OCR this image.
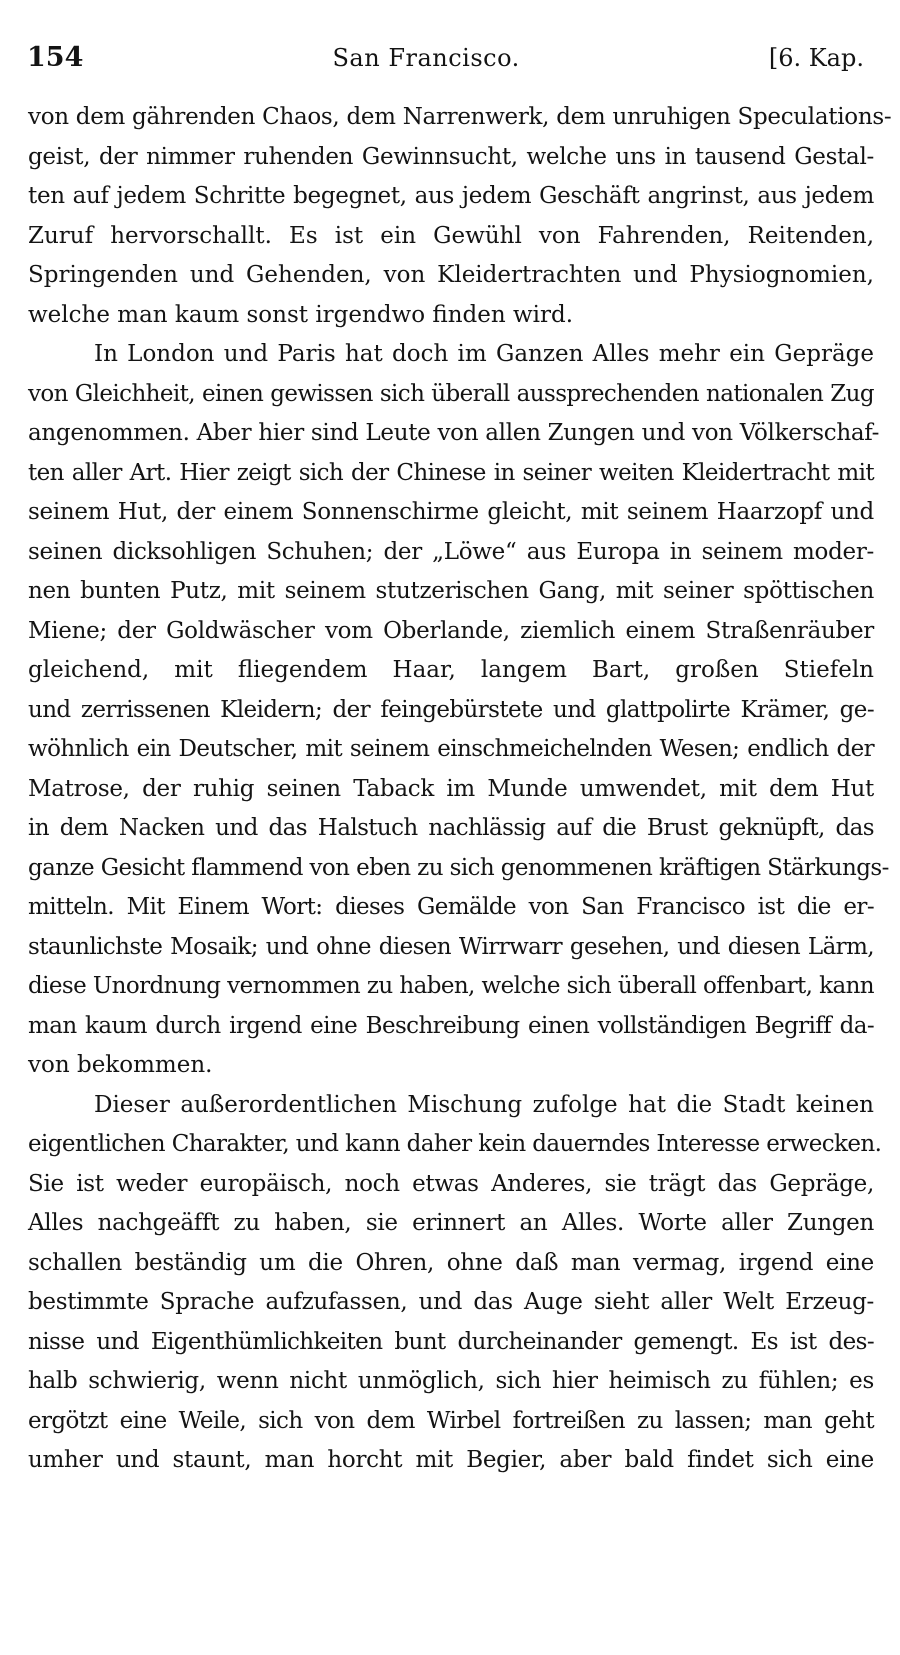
154	San Francisco.	[6. Kap.
von dem gährenden Chaos, dem Narrenwerk, dem unruhigen Speculations-
geist, der nimmer ruhenden Gewinnsucht, welche uns in tausend Gestal-
ten auf jedem Schritte begegnet, aus jedem Geschäft angrinst, aus jedem
Zuruf hervorschallt. Es ist ein Gewühl von Fahrenden, Reitenden,
Springenden und Gehenden, von Kleidertrachten und Physiognomien,
welche man kaum sonst irgendwo finden wird.
In London und Paris hat doch im Ganzen Alles mehr ein Gepräge
von Gleichheit, einen gewissen sich überall aussprechenden nationalen Zug
angenommen. Aber hier sind Leute von allen Zungen und von Völkerschaf-
ten aller Art. Hier zeigt sich der Chinese in seiner weiten Kleidertracht mit
seinem Hut, der einem Sonnenschirme gleicht, mit seinem Haarzopf und
seinen dicksohligen Schuhen; der „Löwe“ aus Europa in seinem moder-
nen bunten Putz, mit seinem stutzerischen Gang, mit seiner spöttischen
Miene; der Goldwäscher vom Oberlande, ziemlich einem Straßenräuber
gleichend, mit fliegendem Haar, langem Bart, großen Stiefeln
und zerrissenen Kleidern; der feingebürstete und glattpolirte Krämer, ge-
wöhnlich ein Deutscher, mit seinem einschmeichelnden Wesen; endlich der
Matrose, der ruhig seinen Taback im Munde umwendet, mit dem Hut
in dem Nacken und das Halstuch nachlässig auf die Brust geknüpft, das
ganze Gesicht flammend von eben zu sich genommenen kräftigen Stärkungs-
mitteln. Mit Einem Wort: dieses Gemälde von San Francisco ist die er-
staunlichste Mosaik; und ohne diesen Wirrwarr gesehen, und diesen Lärm,
diese Unordnung vernommen zu haben, welche sich überall offenbart, kann
man kaum durch irgend eine Beschreibung einen vollständigen Begriff da-
von bekommen.
Dieser außerordentlichen Mischung zufolge hat die Stadt keinen
eigentlichen Charakter, und kann daher kein dauerndes Interesse erwecken.
Sie ist weder europäisch, noch etwas Anderes, sie trägt das Gepräge,
Alles nachgeäfft zu haben, sie erinnert an Alles. Worte aller Zungen
schallen beständig um die Ohren, ohne daß man vermag, irgend eine
bestimmte Sprache aufzufassen, und das Auge sieht aller Welt Erzeug-
nisse und Eigenthümlichkeiten bunt durcheinander gemengt. Es ist des-
halb schwierig, wenn nicht unmöglich, sich hier heimisch zu fühlen; es
ergötzt eine Weile, sich von dem Wirbel fortreißen zu lassen; man geht
umher und staunt, man horcht mit Begier, aber bald findet sich eine
